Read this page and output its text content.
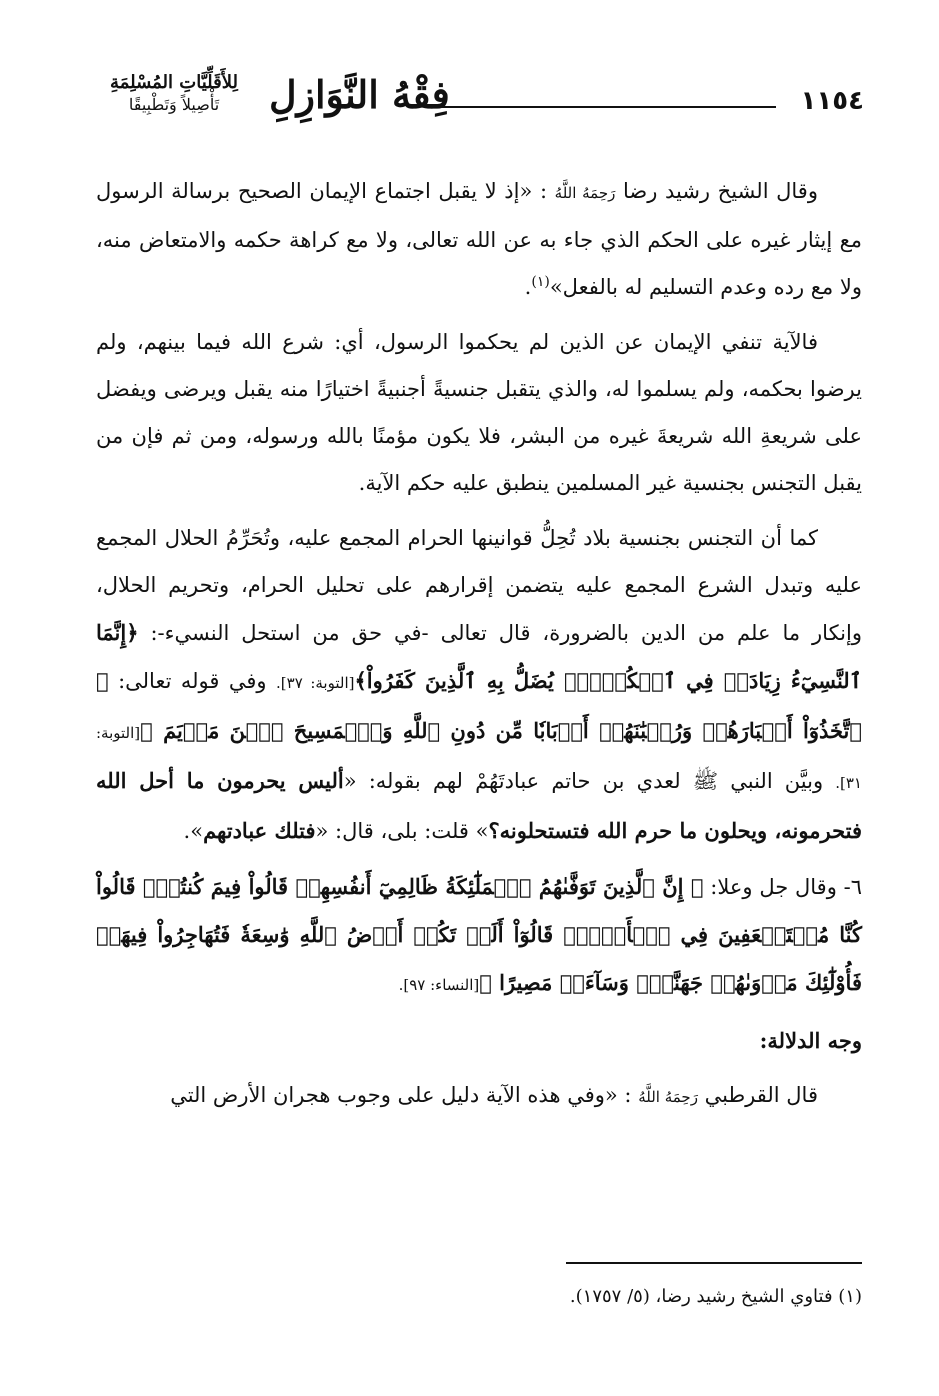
١١٥٤
فِقْهُ النَّوَازِلِ
لِلأَقَلِّيَّاتِ المُسْلِمَةِ
تَأْصِيلاً وَتَطْبِيقًا

وقال الشيخ رشيد رضا رَحِمَهُ اللَّهُ : «إذ لا يقبل اجتماع الإيمان الصحيح برسالة الرسول مع إيثار غيره على الحكم الذي جاء به عن الله تعالى، ولا مع كراهة حكمه والامتعاض منه، ولا مع رده وعدم التسليم له بالفعل»$^{(١)}$.

فالآية تنفي الإيمان عن الذين لم يحكموا الرسول، أي: شرع الله فيما بينهم، ولم يرضوا بحكمه، ولم يسلموا له، والذي يتقبل جنسيةً أجنبيةً اختيارًا منه يقبل ويرضى ويفضل على شريعةِ الله شريعةَ غيره من البشر، فلا يكون مؤمنًا بالله ورسوله، ومن ثم فإن من يقبل التجنس بجنسية غير المسلمين ينطبق عليه حكم الآية.

كما أن التجنس بجنسية بلاد تُحِلُّ قوانينها الحرام المجمع عليه، وتُحَرِّمُ الحلال المجمع عليه وتبدل الشرع المجمع عليه يتضمن إقرارهم على تحليل الحرام، وتحريم الحلال، وإنكار ما علم من الدين بالضرورة، قال تعالى -في حق من استحل النسيء-: ﴿إِنَّمَا ٱلنَّسِيٓءُ زِيَادَةٞ فِي ٱلۡكُفۡرِۖ يُضَلُّ بِهِ ٱلَّذِينَ كَفَرُواْ﴾[التوبة: ٣٧]. وفي قوله تعالى: ﴿ ٱتَّخَذُوٓاْ أَحۡبَارَهُمۡ وَرُهۡبَٰنَهُمۡ أَرۡبَابٗا مِّن دُونِ ٱللَّهِ وَٱلۡمَسِيحَ ٱبۡنَ مَرۡيَمَ ﴾[التوبة: ٣١]. وبيَّن النبي ﷺ لعدي بن حاتم عبادتَهُمْ لهم بقوله: «أليس يحرمون ما أحل الله فتحرمونه، ويحلون ما حرم الله فتستحلونه؟» قلت: بلى، قال: «فتلك عبادتهم».

٦- وقال جل وعلا: ﴿ إِنَّ ٱلَّذِينَ تَوَفَّىٰهُمُ ٱلۡمَلَٰٓئِكَةُ ظَالِمِيٓ أَنفُسِهِمۡ قَالُواْ فِيمَ كُنتُمۡۖ قَالُواْ كُنَّا مُسۡتَضۡعَفِينَ فِي ٱلۡأَرۡضِۚ قَالُوٓاْ أَلَمۡ تَكُنۡ أَرۡضُ ٱللَّهِ وَٰسِعَةٗ فَتُهَاجِرُواْ فِيهَاۚ فَأُوْلَٰٓئِكَ مَأۡوَىٰهُمۡ جَهَنَّمُۖ وَسَآءَتۡ مَصِيرًا ﴾[النساء: ٩٧].

وجه الدلالة:

قال القرطبي رَحِمَهُ اللَّهُ : «وفي هذه الآية دليل على وجوب هجران الأرض التي

(١) فتاوي الشيخ رشيد رضا، (٥/ ١٧٥٧).
